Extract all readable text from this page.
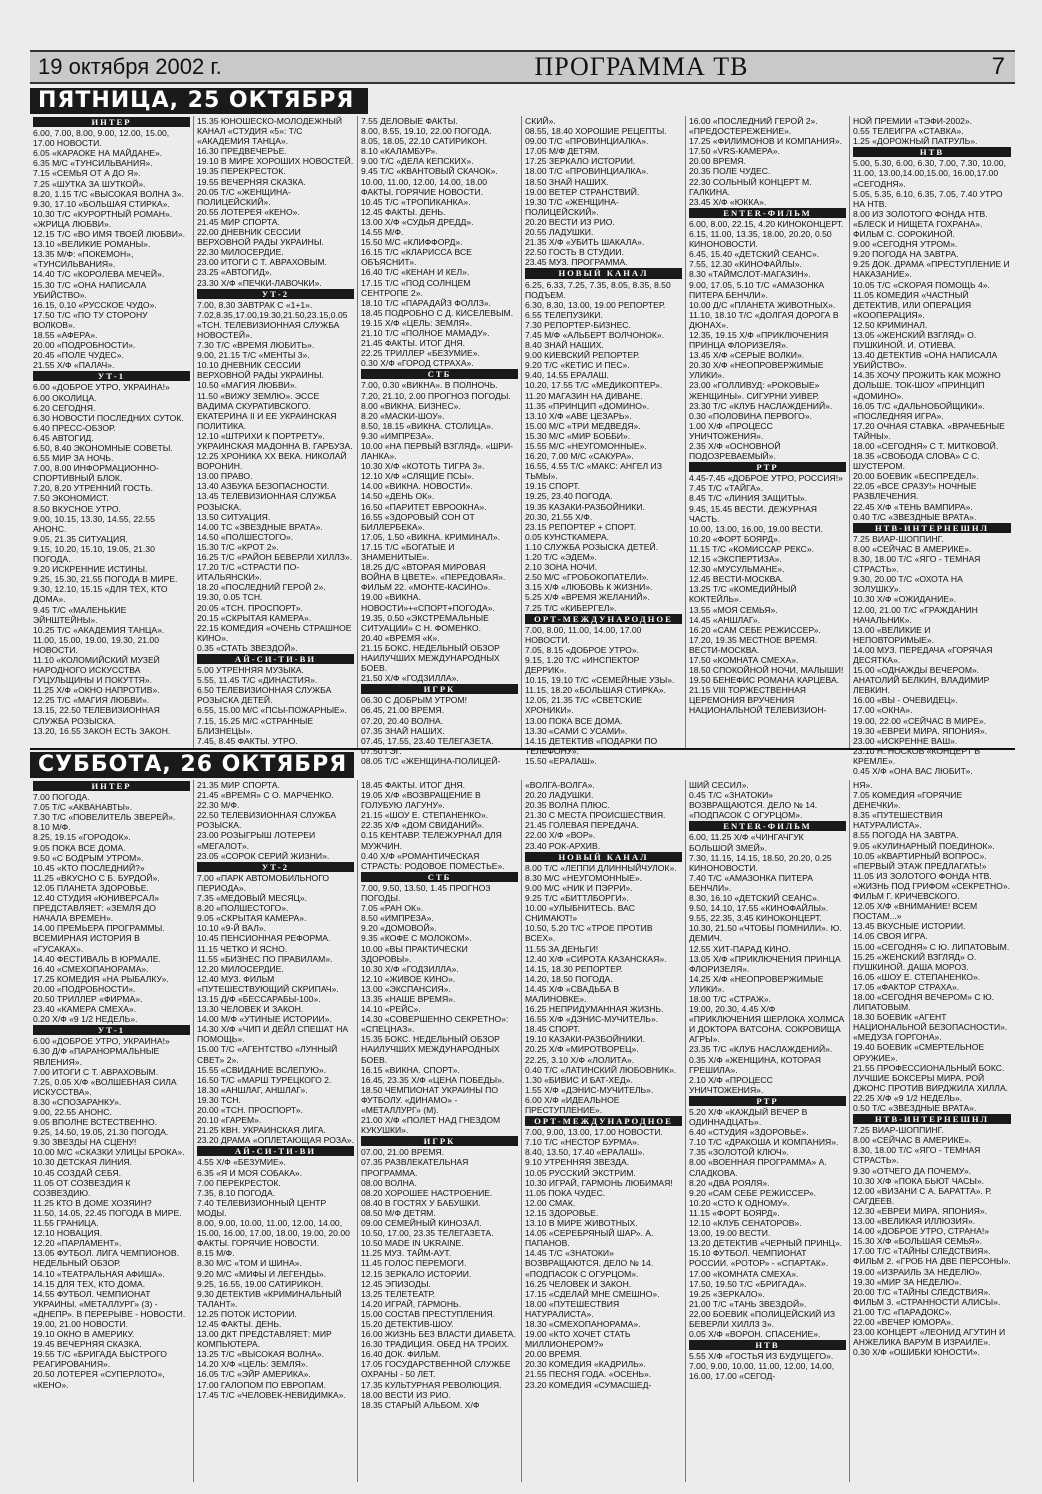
19 октября 2002 г.	ПРОГРАММА ТВ	7
ПЯТНИЦА, 25 ОКТЯБРЯ
ИНТЕР
6.00, 7.00, 8.00, 9.00, 12.00, 15.00, 17.00 НОВОСТИ.
6.05 «КАРАОКЕ НА МАЙДАНЕ».
6.35 М/С «ТУНСИЛЬВАНИЯ».
7.15 «СЕМЬЯ ОТ А ДО Я».
7.25 «ШУТКА ЗА ШУТКОЙ».
8.20, 1.15 Т/С «ВЫСОКАЯ ВОЛНА 3».
9.30, 17.10 «БОЛЬШАЯ СТИРКА».
10.30 Т/С «КУРОРТНЫЙ РОМАН». «ЖРИЦА ЛЮБВИ».
12.15 Т/С «ВО ИМЯ ТВОЕЙ ЛЮБВИ».
13.10 «ВЕЛИКИЕ РОМАНЫ».
13.35 М/Ф: «ПОКЕМОН», «ТУНСИЛЬВАНИЯ».
14.40 Т/С «КОРОЛЕВА МЕЧЕЙ».
15.30 Т/С «ОНА НАПИСАЛА УБИЙСТВО».
16.15, 0.10 «РУССКОЕ ЧУДО».
17.50 Т/С «ПО ТУ СТОРОНУ ВОЛКОВ».
18.55 «АФЕРА».
20.00 «ПОДРОБНОСТИ».
20.45 «ПОЛЕ ЧУДЕС».
21.55 Х/Ф «ПАЛАЧ».
УТ-1
6.00 «ДОБРОЕ УТРО, УКРАИНА!»
6.00 ОКОЛИЦА.
6.20 СЕГОДНЯ.
6.30 НОВОСТИ ПОСЛЕДНИХ СУТОК.
6.40 ПРЕСС-ОБЗОР.
6.45 АВТОГИД.
6.50, 8.40 ЭКОНОМНЫЕ СОВЕТЫ.
6.55 МИР ЗА НОЧЬ.
7.00, 8.00 ИНФОРМАЦИОННО-СПОРТИВНЫЙ БЛОК.
7.20, 8.20 УТРЕННИЙ ГОСТЬ.
7.50 ЭКОНОМИСТ.
8.50 ВКУСНОЕ УТРО.
9.00, 10.15, 13.30, 14.55, 22.55 АНОНС.
9.05, 21.35 СИТУАЦИЯ.
9.15, 10.20, 15.10, 19.05, 21.30 ПОГОДА.
9.20 ИСКРЕННИЕ ИСТИНЫ.
9.25, 15.30, 21.55 ПОГОДА В МИРЕ.
9.30, 12.10, 15.15 «ДЛЯ ТЕХ, КТО ДОМА».
9.45 Т/С «МАЛЕНЬКИЕ ЭЙНШТЕЙНЫ».
10.25 Т/С «АКАДЕМИЯ ТАНЦА».
11.00, 15.00, 19.00, 19.30, 21.00 НОВОСТИ.
11.10 «КОЛОМИЙСКИЙ МУЗЕЙ НАРОДНОГО ИСКУССТВА ГУЦУЛЬЩИНЫ И ПОКУТТЯ».
11.25 Х/Ф «ОКНО НАПРОТИВ».
12.25 Т/С «МАГИЯ ЛЮБВИ».
13.15, 22.50 ТЕЛЕВИЗИОННАЯ СЛУЖБА РОЗЫСКА.
13.20, 16.55 ЗАКОН ЕСТЬ ЗАКОН.
15.35 ЮНОШЕСКО-МОЛОДЕЖНЫЙ КАНАЛ «СТУДИЯ «5»: Т/С «АКАДЕМИЯ ТАНЦА».
16.30 ПРЕДВЕЧЕРЬЕ.
19.10 В МИРЕ ХОРОШИХ НОВОСТЕЙ.
19.35 ПЕРЕКРЕСТОК.
19.55 ВЕЧЕРНЯЯ СКАЗКА.
20.05 Т/С «ЖЕНЩИНА-ПОЛИЦЕЙСКИЙ».
20.55 ЛОТЕРЕЯ «КЕНО».
21.45 МИР СПОРТА.
22.00 ДНЕВНИК СЕССИИ ВЕРХОВНОЙ РАДЫ УКРАИНЫ.
22.30 МИЛОСЕРДИЕ.
23.00 ИТОГИ С Т. АВРАХОВЫМ.
23.25 «АВТОГИД».
23.30 Х/Ф «ПЕЧКИ-ЛАВОЧКИ».
УТ-2
7.00, 8.30 ЗАВТРАК С «1+1».
7.02,8.35,17.00,19.30,21.50,23.15,0.05 «ТСН. ТЕЛЕВИЗИОННАЯ СЛУЖБА НОВОСТЕЙ».
7.30 Т/С «ВРЕМЯ ЛЮБИТЬ».
9.00, 21.15 Т/С «МЕНТЫ 3».
10.10 ДНЕВНИК СЕССИИ ВЕРХОВНОЙ РАДЫ УКРАИНЫ.
10.50 «МАГИЯ ЛЮБВИ».
11.50 «ВИЖУ ЗЕМЛЮ». ЭССЕ ВАДИМА СКУРАТИВСКОГО. ЕКАТЕРИНА II И ЕЕ УКРАИНСКАЯ ПОЛИТИКА.
12.10 «ШТРИХИ К ПОРТРЕТУ». УКРАИНСКАЯ МАДОННА В. ГАРБУЗА.
12.25 ХРОНИКА XX ВЕКА. НИКОЛАЙ ВОРОНИН.
13.00 ПРАВО.
13.40 АЗБУКА БЕЗОПАСНОСТИ.
13.45 ТЕЛЕВИЗИОННАЯ СЛУЖБА РОЗЫСКА.
13.50 СИТУАЦИЯ.
14.00 ТС «ЗВЕЗДНЫЕ ВРАТА».
14.50 «ПОЛШЕСТОГО».
15.30 Т/С «КРОТ 2».
16.25 Т/С «РАЙОН БЕВЕРЛИ ХИЛЛЗ».
17.20 Т/С «СТРАСТИ ПО-ИТАЛЬЯНСКИ».
18.20 «ПОСЛЕДНИЙ ГЕРОЙ 2».
19.30, 0.05 ТСН.
20.05 «ТСН. ПРОСПОРТ».
20.15 «СКРЫТАЯ КАМЕРА».
22.15 КОМЕДИЯ «ОЧЕНЬ СТРАШНОЕ КИНО».
0.35 «СТАТЬ ЗВЕЗДОЙ».
АЙ-СИ-ТИ-ВИ
5.00 УТРЕННЯЯ МУЗЫКА.
5.55, 11.45 Т/С «ДИНАСТИЯ».
6.50 ТЕЛЕВИЗИОННАЯ СЛУЖБА РОЗЫСКА ДЕТЕЙ.
6.55, 15.00 М/С «ПСЫ-ПОЖАРНЫЕ».
7.15, 15.25 М/С «СТРАННЫЕ БЛИЗНЕЦЫ».
7.45, 8.45 ФАКТЫ. УТРО.
7.55 ДЕЛОВЫЕ ФАКТЫ.
8.00, 8.55, 19.10, 22.00 ПОГОДА.
8.05, 18.05, 22.10 САТИРИКОН.
8.10 «КАЛАМБУР».
9.00 Т/С «ДЕЛА КЕПСКИХ».
9.45 Т/С «КВАНТОВЫЙ СКАЧОК».
10.00, 11.00, 12.00, 14.00, 18.00 ФАКТЫ. ГОРЯЧИЕ НОВОСТИ.
10.45 Т/С «ТРОПИКАНКА».
12.45 ФАКТЫ. ДЕНЬ.
13.00 Х/Ф «СУДЬЯ ДРЕДД».
14.55 М/Ф.
15.50 М/С «КЛИФФОРД».
16.15 Т/С «КЛАРИССА ВСЕ ОБЪЯСНИТ».
16.40 Т/С «КЕНАН И КЕЛ».
17.15 Т/С «ПОД СОЛНЦЕМ СЕНТРОПЕ 2».
18.10 Т/С «ПАРАДАЙЗ ФОЛЛЗ».
18.45 ПОДРОБНО С Д. КИСЕЛЕВЫМ.
19.15 Х/Ф «ЦЕЛЬ: ЗЕМЛЯ».
21.10 Т/С «ПОЛНОЕ МАМАДУ».
21.45 ФАКТЫ. ИТОГ ДНЯ.
22.25 ТРИЛЛЕР «БЕЗУМИЕ».
0.30 Х/Ф «ГОРОД СТРАХА».
СТБ
7.00, 0.30 «ВИКНА». В ПОЛНОЧЬ.
7.20, 21.10, 2.00 ПРОГНОЗ ПОГОДЫ.
8.00 «ВИКНА. БИЗНЕС».
8.20 «МАСКИ-ШОУ».
8.50, 18.15 «ВИКНА. СТОЛИЦА».
9.30 «ИМПРЕЗА».
10.00 «НА ПЕРВЫЙ ВЗГЛЯД». «ШРИ-ЛАНКА».
10.30 Х/Ф «КОТОТЬ ТИГРА 3».
12.10 Х/Ф «СЛЯЩИЕ ПСЫ».
14.00 «ВИКНА. НОВОСТИ».
14.50 «ДЕНЬ ОК».
16.50 «ПАРИТЕТ ЕВРООКНА».
16.55 «ЗДОРОВЫЙ СОН ОТ БИЛЛЕРБЕКА».
17.05, 1.50 «ВИКНА. КРИМИНАЛ».
17.15 Т/С «БОГАТЫЕ И ЗНАМЕНИТЫЕ».
18.25 Д/С «ВТОРАЯ МИРОВАЯ ВОЙНА В ЦВЕТЕ». «ПЕРЕДОВАЯ». ФИЛЬМ 22. «МОНТЕ-КАСИНО».
19.00 «ВИКНА. НОВОСТИ»+«СПОРТ+ПОГОДА».
19.35, 0.50 «ЭКСТРЕМАЛЬНЫЕ СИТУАЦИИ» С Н. ФОМЕНКО.
20.40 «ВРЕМЯ «К».
21.15 БОКС. НЕДЕЛЬНЫЙ ОБЗОР НАИЛУЧШИХ МЕЖДУНАРОДНЫХ БОЕВ.
21.50 Х/Ф «ГОДЗИЛЛА».
ИГРК
06.30 С ДОБРЫМ УТРОМ!
06.45, 21.00 ВРЕМЯ.
07.20, 20.40 ВОЛНА.
07.35 ЗНАЙ НАШИХ.
07.45, 17.55, 23.40 ТЕЛЕГАЗЕТА.
07.50 ГЭГ.
08.05 Т/С «ЖЕНЩИНА-ПОЛИЦЕЙ-
СКИЙ».
08.55, 18.40 ХОРОШИЕ РЕЦЕПТЫ.
09.00 Т/С «ПРОВИНЦИАЛКА».
17.05 М/Ф ДЕТЯМ.
17.25 ЗЕРКАЛО ИСТОРИИ.
18.00 Т/С «ПРОВИНЦИАЛКА».
18.50 ЗНАЙ НАШИХ.
19.00 ВЕТЕР СТРАНСТВИЙ.
19.30 Т/С «ЖЕНЩИНА-ПОЛИЦЕЙСКИЙ».
20.20 ВЕСТИ ИЗ РИО.
20.55 ЛАДУШКИ.
21.35 Х/Ф «УБИТЬ ШАКАЛА».
22.50 ГОСТЬ В СТУДИИ.
23.45 МУЗ. ПРОГРАММА.
НОВЫЙ КАНАЛ
6.25, 6.33, 7.25, 7.35, 8.05, 8.35, 8.50 ПОДЪЕМ.
6.30, 8.30, 13.00, 19.00 РЕПОРТЕР.
6.55 ТЕЛЕПУЗИКИ.
7.30 РЕПОРТЕР-БИЗНЕС.
7.45 М/Ф «АЛЬБЕРТ ВОЛЧОНОК».
8.40 ЗНАЙ НАШИХ.
9.00 КИЕВСКИЙ РЕПОРТЕР.
9.20 Т/С «КЕТИС И ПЕС».
9.40, 14.55 ЕРАЛАШ.
10.20, 17.55 Т/С «МЕДИКОПТЕР».
11.20 МАГАЗИН НА ДИВАНЕ.
11.35 «ПРИНЦИП «ДОМИНО».
13.10 Х/Ф «АВЕ ЦЕЗАРЬ».
15.00 М/С «ТРИ МЕДВЕДЯ».
15.30 М/С «МИР БОББИ».
15.55 М/С «НЕУГОМОННЫЕ».
16.20, 7.00 М/С «САКУРА».
16.55, 4.55 Т/С «МАКС: АНГЕЛ ИЗ ТЬМЫ».
19.15 СПОРТ.
19.25, 23.40 ПОГОДА.
19.35 КАЗАКИ-РАЗБОЙНИКИ.
20.30, 21.55 Х/Ф.
23.15 РЕПОРТЕР + СПОРТ.
0.05 КУНСТКАМЕРА.
1.10 СЛУЖБА РОЗЫСКА ДЕТЕЙ.
1.20 Т/С «ЭДЕМ».
2.10 ЗОНА НОЧИ.
2.50 М/С «ГРОБОКОПАТЕЛИ».
3.15 Х/Ф «ЛЮБОВЬ К ЖИЗНИ».
5.25 Х/Ф «ВРЕМЯ ЖЕЛАНИЙ».
7.25 Т/С «КИБЕРГЕЛ».
ОРТ-МЕЖДУНАРОДНОЕ
7.00, 8.00, 11.00, 14.00, 17.00 НОВОСТИ.
7.05, 8.15 «ДОБРОЕ УТРО».
9.15, 1.20 Т/С «ИНСПЕКТОР ДЕРРИК».
10.15, 19.10 Т/С «СЕМЕЙНЫЕ УЗЫ».
11.15, 18.20 «БОЛЬШАЯ СТИРКА».
12.05, 21.35 Т/С «СВЕТСКИЕ ХРОНИКИ».
13.00 ПОКА ВСЕ ДОМА.
13.30 «САМИ С УСАМИ».
14.15 ДЕТЕКТИВ «ПОДАРКИ ПО ТЕЛЕФОНУ».
15.50 «ЕРАЛАШ».
16.00 «ПОСЛЕДНИЙ ГЕРОЙ 2».
«ПРЕДОСТЕРЕЖЕНИЕ».
17.25 «ФИЛИМОНОВ И КОМПАНИЯ».
17.50 «VRS-КАМЕРА».
20.00 ВРЕМЯ.
20.35 ПОЛЕ ЧУДЕС.
22.30 СОЛЬНЫЙ КОНЦЕРТ М. ГАЛКИНА.
23.45 Х/Ф «ЮККА».
ENTER-ФИЛЬМ
6.00, 8.00, 22.15, 4.20 КИНОКОНЦЕРТ.
6.15, 11.00, 13.35, 18.00, 20.20, 0.50 КИНОНОВОСТИ.
6.45, 15.40 «ДЕТСКИЙ СЕАНС».
7.55, 12.30 «КИНОФАЙЛЫ».
8.30 «ТАЙМСЛОТ-МАГАЗИН».
9.00, 17.05, 5.10 Т/С «АМАЗОНКА ПИТЕРА БЕНЧЛИ».
10.00 Д/С «ПЛАНЕТА ЖИВОТНЫХ».
11.10, 18.10 Т/С «ДОЛГАЯ ДОРОГА В ДЮНАХ».
12.35, 19.15 Х/Ф «ПРИКЛЮЧЕНИЯ ПРИНЦА ФЛОРИЗЕЛЯ».
13.45 Х/Ф «СЕРЫЕ ВОЛКИ».
20.30 Х/Ф «НЕОПРОВЕРЖИМЫЕ УЛИКИ».
23.00 «ГОЛЛИВУД: «РОКОВЫЕ» ЖЕНЩИНЫ». СИГУРНИ УИВЕР.
23.30 Т/С «КЛУБ НАСЛАЖДЕНИЙ».
0.30 «ПОЛОВИНА ПЕРВОГО».
1.00 Х/Ф «ПРОЦЕСС УНИЧТОЖЕНИЯ».
2.35 Х/Ф «ОСНОВНОЙ ПОДОЗРЕВАЕМЫЙ».
РТР
4.45-7.45 «ДОБРОЕ УТРО, РОССИЯ!»
7.45 Т/С «ТАЙГА».
8.45 Т/С «ЛИНИЯ ЗАЩИТЫ».
9.45, 15.45 ВЕСТИ. ДЕЖУРНАЯ ЧАСТЬ.
10.00, 13.00, 16.00, 19.00 ВЕСТИ.
10.20 «ФОРТ БОЯРД».
11.15 Т/С «КОМИССАР РЕКС».
12.15 «ЭКСПЕРТИЗА».
12.30 «МУСУЛЬМАНЕ».
12.45 ВЕСТИ-МОСКВА.
13.25 Т/С «КОМЕДИЙНЫЙ КОКТЕЙЛЬ».
13.55 «МОЯ СЕМЬЯ».
14.45 «АНШЛАГ».
16.20 «САМ СЕБЕ РЕЖИССЕР».
17.20, 19.35 МЕСТНОЕ ВРЕМЯ. ВЕСТИ-МОСКВА.
17.50 «КОМНАТА СМЕХА».
18.50 СПОКОЙНОЙ НОЧИ, МАЛЫШИ!
19.50 БЕНЕФИС РОМАНА КАРЦЕВА.
21.15 VIII ТОРЖЕСТВЕННАЯ ЦЕРЕМОНИЯ ВРУЧЕНИЯ НАЦИОНАЛЬНОЙ ТЕЛЕВИЗИОН-
НОЙ ПРЕМИИ «ТЭФИ-2002».
0.55 ТЕЛЕИГРА «СТАВКА».
1.25 «ДОРОЖНЫЙ ПАТРУЛЬ».
НТВ
5.00, 5.30, 6.00, 6.30, 7.00, 7.30, 10.00, 11.00, 13.00,14.00,15.00, 16.00,17.00 «СЕГОДНЯ».
5.05, 5.35, 6.10, 6.35, 7.05, 7.40 УТРО НА НТВ.
8.00 ИЗ ЗОЛОТОГО ФОНДА НТВ. «БЛЕСК И НИЩЕТА ГОХРАНА». ФИЛЬМ С. СОРОКИНОЙ.
9.00 «СЕГОДНЯ УТРОМ».
9.20 ПОГОДА НА ЗАВТРА.
9.25 ДОК. ДРАМА «ПРЕСТУПЛЕНИЕ И НАКАЗАНИЕ».
10.05 Т/С «СКОРАЯ ПОМОЩЬ 4».
11.05 КОМЕДИЯ «ЧАСТНЫЙ ДЕТЕКТИВ, ИЛИ ОПЕРАЦИЯ «КООПЕРАЦИЯ».
12.50 КРИМИНАЛ.
13.05 «ЖЕНСКИЙ ВЗГЛЯД» О. ПУШКИНОЙ. И. ОТИЕВА.
13.40 ДЕТЕКТИВ «ОНА НАПИСАЛА УБИЙСТВО».
14.35 ХОЧУ ПРОЖИТЬ КАК МОЖНО ДОЛЬШЕ. ТОК-ШОУ «ПРИНЦИП «ДОМИНО».
16.05 Т/С «ДАЛЬНОБОЙЩИКИ». «ПОСЛЕДНЯЯ ИГРА».
17.20 ОЧНАЯ СТАВКА. «ВРАЧЕБНЫЕ ТАЙНЫ».
18.00 «СЕГОДНЯ» С Т. МИТКОВОЙ.
18.35 «СВОБОДА СЛОВА» С С. ШУСТЕРОМ.
20.00 БОЕВИК «БЕСПРЕДЕЛ».
22.05 «ВСЕ СРАЗУ!» НОЧНЫЕ РАЗВЛЕЧЕНИЯ.
22.45 Х/Ф «ТЕНЬ ВАМПИРА».
0.40 Т/С «ЗВЕЗДНЫЕ ВРАТА».
НТВ-ИНТЕРНЕШНЛ
7.25 ВИАР-ШОППИНГ.
8.00 «СЕЙЧАС В АМЕРИКЕ».
8.30, 18.00 Т/С «ЯГО - ТЕМНАЯ СТРАСТЬ».
9.30, 20.00 Т/С «ОХОТА НА ЗОЛУШКУ».
10.30 Х/Ф «ОЖИДАНИЕ».
12.00, 21.00 Т/С «ГРАЖДАНИН НАЧАЛЬНИК».
13.00 «ВЕЛИКИЕ И НЕПОВТОРИМЫЕ».
14.00 МУЗ. ПЕРЕДАЧА «ГОРЯЧАЯ ДЕСЯТКА».
15.00 «ОДНАЖДЫ ВЕЧЕРОМ». АНАТОЛИЙ БЕЛКИН, ВЛАДИМИР ЛЕВКИН.
16.00 «ВЫ - ОЧЕВИДЕЦ».
17.00 «ОКНА».
19.00, 22.00 «СЕЙЧАС В МИРЕ».
19.30 «ЕВРЕИ МИРА. ЯПОНИЯ».
23.00 «ИСКРЕННЕ ВАШ».
23.10 Н. НОСКОВ «КОНЦЕРТ В КРЕМЛЕ».
0.45 Х/Ф «ОНА ВАС ЛЮБИТ».
СУББОТА, 26 ОКТЯБРЯ
ИНТЕР
7.00 ПОГОДА.
7.05 Т/С «АКВАНАВТЫ».
7.30 Т/С «ПОВЕЛИТЕЛЬ ЗВЕРЕЙ».
8.10 М/Ф.
8.25, 19.15 «ГОРОДОК».
9.05 ПОКА ВСЕ ДОМА.
9.50 «С БОДРЫМ УТРОМ».
10.45 «КТО ПОСЛЕДНИЙ?»
11.25 «ВКУСНО С Б. БУРДОЙ».
12.05 ПЛАНЕТА ЗДОРОВЬЕ.
12.40 СТУДИЯ «ЮНИВЕРСАЛ» ПРЕДСТАВЛЯЕТ: «ЗЕМЛЯ ДО НАЧАЛА ВРЕМЕН».
14.00 ПРЕМЬЕРА ПРОГРАММЫ. ВСЕМИРНАЯ ИСТОРИЯ В «ГУСАКАХ».
14.40 ФЕСТИВАЛЬ В ЮРМАЛЕ.
16.40 «СМЕХОПАНОРАМА».
17.25 КОМЕДИЯ «НА РЫБАЛКУ».
20.00 «ПОДРОБНОСТИ».
20.50 ТРИЛЛЕР «ФИРМА».
23.40 «КАМЕРА СМЕХА».
0.20 Х/Ф «9 1/2 НЕДЕЛЬ».
УТ-1
6.00 «ДОБРОЕ УТРО, УКРАИНА!»
6.30 Д/Ф «ПАРАНОРМАЛЬНЫЕ ЯВЛЕНИЯ».
7.00 ИТОГИ С Т. АВРАХОВЫМ.
7.25, 0.05 Х/Ф «ВОЛШЕБНАЯ СИЛА ИСКУССТВА».
8.30 «СПОЗАРАНКУ».
9.00, 22.55 АНОНС.
9.05 ВПОЛНЕ ВСТЕСТВЕННО.
9.25, 14.50, 19.05, 21.30 ПОГОДА.
9.30 ЗВЕЗДЫ НА СЦЕНУ!
10.00 М/С «СКАЗКИ УЛИЦЫ БРОКА».
10.30 ДЕТСКАЯ ЛИНИЯ.
10.45 СОЗДАЙ СЕБЯ.
11.05 ОТ СОЗВЕЗДИЯ К СОЗВЕЗДИЮ.
11.25 КТО В ДОМЕ ХОЗЯИН?
11.50, 14.05, 22.45 ПОГОДА В МИРЕ.
11.55 ГРАНИЦА.
12.10 НОВАЦИЯ.
12.20 «ПАРЛАМЕНТ».
13.05 ФУТБОЛ. ЛИГА ЧЕМПИОНОВ. НЕДЕЛЬНЫЙ ОБЗОР.
14.10 «ТЕАТРАЛЬНАЯ АФИША».
14.15 ДЛЯ ТЕХ, КТО ДОМА.
14.55 ФУТБОЛ. ЧЕМПИОНАТ УКРАИНЫ. «МЕТАЛЛУРГ» (З) - «ДНЕПР». В ПЕРЕРЫВЕ - НОВОСТИ.
19.00, 21.00 НОВОСТИ.
19.10 ОКНО В АМЕРИКУ.
19.45 ВЕЧЕРНЯЯ СКАЗКА.
19.55 Т/С «БРИГАДА БЫСТРОГО РЕАГИРОВАНИЯ».
20.50 ЛОТЕРЕЯ «СУПЕРЛОТО», «КЕНО».
21.35 МИР СПОРТА.
21.45 «ВРЕМЯ» С О. МАРЧЕНКО.
22.30 М/Ф.
22.50 ТЕЛЕВИЗИОННАЯ СЛУЖБА РОЗЫСКА.
23.00 РОЗЫГРЫШ ЛОТЕРЕИ «МЕГАЛОТ».
23.05 «СОРОК СЕРИЙ ЖИЗНИ».
УТ-2
7.00 «ПАРК АВТОМОБИЛЬНОГО ПЕРИОДА».
7.35 «МЕДОВЫЙ МЕСЯЦ».
8.20 «ПОЛШЕСТОГО».
9.05 «СКРЫТАЯ КАМЕРА».
10.10 «9-Й ВАЛ».
10.45 ПЕНСИОННАЯ РЕФОРМА.
11.15 ЧЕТКО И ЯСНО.
11.55 «БИЗНЕС ПО ПРАВИЛАМ».
12.20 МИЛОСЕРДИЕ.
12.40 МУЗ. ФИЛЬМ «ПУТЕШЕСТВУЮЩИЙ СКРИПАЧ».
13.15 Д/Ф «БЕССАРАБЫ-100».
13.30 ЧЕЛОВЕК И ЗАКОН.
14.00 М/Ф «УТИНЫЕ ИСТОРИИ».
14.30 Х/Ф «ЧИП И ДЕЙЛ СПЕШАТ НА ПОМОЩЬ».
15.00 Т/С «АГЕНТСТВО «ЛУННЫЙ СВЕТ» 2».
15.55 «СВИДАНИЕ ВСЛЕПУЮ».
16.50 Т/С «МАРШ ТУРЕЦКОГО 2.
18.30 «АНШЛАГ, АНШЛАГ».
19.30 ТСН.
20.00 «ТСН. ПРОСПОРТ».
20.10 «ГАРЕМ».
21.25 КВН. УКРАИНСКАЯ ЛИГА.
23.20 ДРАМА «ОПЛЕТАЮЩАЯ РОЗА».
АЙ-СИ-ТИ-ВИ
4.55 Х/Ф «БЕЗУМИЕ».
6.35 «Я И МОЯ СОБАКА».
7.00 ПЕРЕКРЕСТОК.
7.35, 8.10 ПОГОДА.
7.40 ТЕЛЕВИЗИОННЫЙ ЦЕНТР МОДЫ.
8.00, 9.00, 10.00, 11.00, 12.00, 14.00, 15.00, 16.00, 17.00, 18.00, 19.00, 20.00 ФАКТЫ. ГОРЯЧИЕ НОВОСТИ.
8.15 М/Ф.
8.30 М/С «ТОМ И ШИНА».
9.20 М/С «МИФЫ И ЛЕГЕНДЫ».
9.25, 16.55, 19.00 САТИРИКОН.
9.30 ДЕТЕКТИВ «КРИМИНАЛЬНЫЙ ТАЛАНТ».
12.25 ПОТОК ИСТОРИИ.
12.45 ФАКТЫ. ДЕНЬ.
13.00 ДКТ ПРЕДСТАВЛЯЕТ: МИР КОМПЬЮТЕРА.
13.25 Т/С «ВЫСОКАЯ ВОЛНА».
14.20 Х/Ф «ЦЕЛЬ: ЗЕМЛЯ».
16.05 Т/С «ЭЙР АМЕРИКА».
17.00 ГАЛОПОМ ПО ЕВРОПАМ.
17.45 Т/С «ЧЕЛОВЕК-НЕВИДИМКА».
18.45 ФАКТЫ. ИТОГ ДНЯ.
19.05 Х/Ф «ВОЗВРАЩЕНИЕ В ГОЛУБУЮ ЛАГУНУ».
21.15 «ШОУ Е. СТЕПАНЕНКО».
22.35 Х/Ф «ДОМ СВИДАНИЙ».
0.15 КЕНТАВР. ТЕЛЕЖУРНАЛ ДЛЯ МУЖЧИН.
0.40 Х/Ф «РОМАНТИЧЕСКАЯ СТРАСТЬ: РОДОВОЕ ПОМЕСТЬЕ».
СТБ
7.00, 9.50, 13.50, 1.45 ПРОГНОЗ ПОГОДЫ.
7.05 «РАН ОК».
8.50 «ИМПРЕЗА».
9.20 «ДОМОВОЙ».
9.35 «КОФЕ С МОЛОКОМ».
10.00 «ВЫ ПРАКТИЧЕСКИ ЗДОРОВЫ».
10.30 Х/Ф «ГОДЗИЛЛА».
12.10 «ЖИВОЕ КИНО».
13.00 «ЭКСПАНСИЯ».
13.35 «НАШЕ ВРЕМЯ».
14.10 «РЕЙС».
14.30 «СОВЕРШЕННО СЕКРЕТНО»: «СПЕЦНАЗ».
15.35 БОКС. НЕДЕЛЬНЫЙ ОБЗОР НАИЛУЧШИХ МЕЖДУНАРОДНЫХ БОЕВ.
16.15 «ВИКНА. СПОРТ».
16.45, 23.35 Х/Ф «ЦЕНА ПОБЕДЫ».
18.50 ЧЕМПИОНАТ УКРАИНЫ ПО ФУТБОЛУ. «ДИНАМО» - «МЕТАЛЛУРГ» (М).
21.00 Х/Ф «ПОЛЕТ НАД ГНЕЗДОМ КУКУШКИ».
ИГРК
07.00, 21.00 ВРЕМЯ.
07.35 РАЗВЛЕКАТЕЛЬНАЯ ПРОГРАММА.
08.00 ВОЛНА.
08.20 ХОРОШЕЕ НАСТРОЕНИЕ.
08.40 В ГОСТЯХ У БАБУШКИ.
08.50 М/Ф ДЕТЯМ.
09.00 СЕМЕЙНЫЙ КИНОЗАЛ.
10.50, 17.00, 23.35 ТЕЛЕГАЗЕТА.
10.50 MADE IN UKRAINE.
11.25 МУЗ. ТАЙМ-АУТ.
11.45 ГОЛОС ПЕРЕМОГИ.
12.15 ЗЕРКАЛО ИСТОРИИ.
12.45 ЭПИЗОДЫ.
13.25 ТЕЛЕТЕАТР.
14.20 ИГРАЙ, ГАРМОНЬ.
15.00 СОСТАВ ПРЕСТУПЛЕНИЯ.
15.20 ДЕТЕКТИВ-ШОУ.
16.00 ЖИЗНЬ БЕЗ ВЛАСТИ ДИАБЕТА.
16.30 ТРАДИЦИЯ. ОБЕД НА ТРОИХ.
16.40 ДОК. ФИЛЬМ.
17.05 ГОСУДАРСТВЕННОЙ СЛУЖБЕ ОХРАНЫ - 50 ЛЕТ.
17.35 КУЛЬТУРНАЯ РЕВОЛЮЦИЯ.
18.00 ВЕСТИ ИЗ РИО.
18.35 СТАРЫЙ АЛЬБОМ. Х/Ф
«ВОЛГА-ВОЛГА».
20.20 ЛАДУШКИ.
20.35 ВОЛНА ПЛЮС.
21.30 С МЕСТА ПРОИСШЕСТВИЯ.
21.45 ГОЛЕВАЯ ПЕРЕДАЧА.
22.00 Х/Ф «ВОР».
23.40 РОК-АРХИВ.
НОВЫЙ КАНАЛ
8.00 Т/С «ЛЕППИ ДЛИННЫЙЧУЛОК».
8.30 М/С «НЕУГОМОННЫЕ».
9.00 М/С «НИК И ПЭРРИ».
9.25 Т/С «БИТТЛБОРГИ».
10.00 «УЛЫБНИТЕСЬ. ВАС СНИМАЮТ!»
10.50, 5.20 Т/С «ТРОЕ ПРОТИВ ВСЕХ».
11.55 ЗА ДЕНЬГИ!
12.40 Х/Ф «СИРОТА КАЗАНСКАЯ».
14.15, 18.30 РЕПОРТЕР.
14.20, 18.50 ПОГОДА.
14.45 Х/Ф «СВАДЬБА В МАЛИНОВКЕ».
16.25 НЕПРИДУМАННАЯ ЖИЗНЬ.
16.55 Х/Ф «ДЭНИС-МУЧИТЕЛЬ».
18.45 СПОРТ.
19.10 КАЗАКИ-РАЗБОЙНИКИ.
20.25 Х/Ф «МИРОТВОРЕЦ».
22.25, 3.10 Х/Ф «ЛОЛИТА».
0.40 Т/С «ЛАТИНСКИЙ ЛЮБОВНИК».
1.30 «БИВИС И БАТ-ХЕД».
1.55 Х/Ф «ДЭНИС-МУЧИТЕЛЬ».
6.00 Х/Ф «ИДЕАЛЬНОЕ ПРЕСТУПЛЕНИЕ».
ОРТ-МЕЖДУНАРОДНОЕ
7.00, 9.00, 13.00, 17.00 НОВОСТИ.
7.10 Т/С «НЕСТОР БУРМА».
8.40, 13.50, 17.40 «ЕРАЛАШ».
9.10 УТРЕННЯЯ ЗВЕЗДА.
10.05 РУССКИЙ ЭКСТРИМ.
10.30 ИГРАЙ, ГАРМОНЬ ЛЮБИМАЯ!
11.05 ПОКА ЧУДЕС.
12.00 СМАК.
12.15 ЗДОРОВЬЕ.
13.10 В МИРЕ ЖИВОТНЫХ.
14.05 «СЕРЕБРЯНЫЙ ШАР». А. ПАПАНОВ.
14.45 Т/С «ЗНАТОКИ» ВОЗВРАЩАЮТСЯ. ДЕЛО № 14. «ПОДПАСОК С ОГУРЦОМ».
16.25 ЧЕЛОВЕК И ЗАКОН.
17.15 «СДЕЛАЙ МНЕ СМЕШНО».
18.00 «ПУТЕШЕСТВИЯ НАТУРАЛИСТА».
18.30 «СМЕХОПАНОРАМА».
19.00 «КТО ХОЧЕТ СТАТЬ МИЛЛИОНЕРОМ?»
20.00 ВРЕМЯ.
20.30 КОМЕДИЯ «КАДРИЛЬ».
21.55 ПЕСНЯ ГОДА. «ОСЕНЬ».
23.20 КОМЕДИЯ «СУМАСШЕД-
ШИЙ СЕСИЛ».
0.45 Т/С «ЗНАТОКИ» ВОЗВРАЩАЮТСЯ. ДЕЛО № 14. «ПОДПАСОК С ОГУРЦОМ».
ENTER-ФИЛЬМ
6.00, 11.25 Х/Ф «ЧИНГАЧГУК БОЛЬШОЙ ЗМЕЙ».
7.30, 11.15, 14.15, 18.50, 20.20, 0.25 КИНОНОВОСТИ.
7.40 Т/С «АМАЗОНКА ПИТЕРА БЕНЧЛИ».
8.30, 16.10 «ДЕТСКИЙ СЕАНС».
9.50, 14.10, 17.55 «КИНОФАЙЛЫ».
9.55, 22.35, 3.45 КИНОКОНЦЕРТ.
10.30, 21.50 «ЧТОБЫ ПОМНИЛИ». Ю. ДЕМИЧ.
12.55 ХИТ-ПАРАД КИНО.
13.05 Х/Ф «ПРИКЛЮЧЕНИЯ ПРИНЦА ФЛОРИЗЕЛЯ».
14.25 Х/Ф «НЕОПРОВЕРЖИМЫЕ УЛИКИ».
18.00 Т/С «СТРАЖ».
19.00, 20.30, 4.45 Х/Ф «ПРИКЛЮЧЕНИЯ ШЕРЛОКА ХОЛМСА И ДОКТОРА ВАТСОНА. СОКРОВИЩА АГРЫ».
23.35 Т/С «КЛУБ НАСЛАЖДЕНИЙ».
0.35 Х/Ф «ЖЕНЩИНА, КОТОРАЯ ГРЕШИЛА».
2.10 Х/Ф «ПРОЦЕСС УНИЧТОЖЕНИЯ».
РТР
5.20 Х/Ф «КАЖДЫЙ ВЕЧЕР В ОДИННАДЦАТЬ».
6.40 «СТУДИЯ «ЗДОРОВЬЕ».
7.10 Т/С «ДРАКОША И КОМПАНИЯ».
7.35 «ЗОЛОТОЙ КЛЮЧ».
8.00 «ВОЕННАЯ ПРОГРАММА» А. СЛАДКОВА.
8.20 «ДВА РОЯЛЯ».
9.20 «САМ СЕБЕ РЕЖИССЕР».
10.20 «СТО К ОДНОМУ».
11.15 «ФОРТ БОЯРД».
12.10 «КЛУБ СЕНАТОРОВ».
13.00, 19.00 ВЕСТИ.
13.20 ДЕТЕКТИВ «ЧЕРНЫЙ ПРИНЦ».
15.10 ФУТБОЛ. ЧЕМПИОНАТ РОССИИ. «РОТОР» - «СПАРТАК».
17.00 «КОМНАТА СМЕХА».
17.50, 19.50 Т/С «БРИГАДА».
19.25 «ЗЕРКАЛО».
21.00 Т/С «ТАНЬ ЗВЕЗДОЙ».
22.00 БОЕВИК «ПОЛИЦЕЙСКИЙ ИЗ БЕВЕРЛИ ХИЛЛЗ 3».
0.05 Х/Ф «ВОРОН. СПАСЕНИЕ».
НТВ
5.55 Х/Ф «ГОСТЬЯ ИЗ БУДУЩЕГО».
7.00, 9.00, 10.00, 11.00, 12.00, 14.00, 16.00, 17.00 «СЕГОД-
НЯ».
7.05 КОМЕДИЯ «ГОРЯЧИЕ ДЕНЕЧКИ».
8.35 «ПУТЕШЕСТВИЯ НАТУРАЛИСТА».
8.55 ПОГОДА НА ЗАВТРА.
9.05 «КУЛИНАРНЫЙ ПОЕДИНОК».
10.05 «КВАРТИРНЫЙ ВОПРОС». «ПЕРВЫЙ ЭТАЖ ПРЕДЛАГАТЬ!»
11.05 ИЗ ЗОЛОТОГО ФОНДА НТВ. «ЖИЗНЬ ПОД ГРИФОМ «СЕКРЕТНО». ФИЛЬМ Г. КРИЧЕВСКОГО.
12.05 Х/Ф «ВНИМАНИЕ! ВСЕМ ПОСТАМ...»
13.45 ВКУСНЫЕ ИСТОРИИ.
14.05 СВОЯ ИГРА.
15.00 «СЕГОДНЯ» С Ю. ЛИПАТОВЫМ.
15.25 «ЖЕНСКИЙ ВЗГЛЯД» О. ПУШКИНОЙ. ДАША МОРОЗ.
16.05 «ШОУ Е. СТЕПАНЕНКО».
17.05 «ФАКТОР СТРАХА».
18.00 «СЕГОДНЯ ВЕЧЕРОМ» С Ю. ЛИПАТОВЫМ.
18.30 БОЕВИК «АГЕНТ НАЦИОНАЛЬНОЙ БЕЗОПАСНОСТИ». «МЕДУЗА ГОРГОНА».
19.40 БОЕВИК «СМЕРТЕЛЬНОЕ ОРУЖИЕ».
21.55 ПРОФЕССИОНАЛЬНЫЙ БОКС. ЛУЧШИЕ БОКСЕРЫ МИРА. РОЙ ДЖОНС ПРОТИВ ВИРДЖИЛА ХИЛЛА.
22.25 Х/Ф «9 1/2 НЕДЕЛЬ».
0.50 Т/С «ЗВЕЗДНЫЕ ВРАТА».
НТВ-ИНТЕРНЕШНЛ
7.25 ВИАР-ШОППИНГ.
8.00 «СЕЙЧАС В АМЕРИКЕ».
8.30, 18.00 Т/С «ЯГО - ТЕМНАЯ СТРАСТЬ».
9.30 «ОТЧЕГО ДА ПОЧЕМУ».
10.30 Х/Ф «ПОКА БЬЮТ ЧАСЫ».
12.00 «ВИЗАНИ С А. БАРАТТА». Р. САГДЕЕВ.
12.30 «ЕВРЕИ МИРА. ЯПОНИЯ».
13.00 «ВЕЛИКАЯ ИЛЛЮЗИЯ».
14.00 «ДОБРОЕ УТРО, СТРАНА!»
15.30 Х/Ф «БОЛЬШАЯ СЕМЬЯ».
17.00 Т/С «ТАЙНЫ СЛЕДСТВИЯ». ФИЛЬМ 2. «ГРОБ НА ДВЕ ПЕРСОНЫ».
19.00 «ИЗРАИЛЬ ЗА НЕДЕЛЮ».
19.30 «МИР ЗА НЕДЕЛЮ».
20.00 Т/С «ТАЙНЫ СЛЕДСТВИЯ». ФИЛЬМ 3. «СТРАННОСТИ АЛИСЫ».
21.00 Т/С «ПАРАДОКС».
22.00 «ВЕЧЕР ЮМОРА».
23.00 КОНЦЕРТ «ЛЕОНИД АГУТИН И АНЖЕЛИКА ВАРУМ В ИЗРАИЛЕ».
0.30 Х/Ф «ОШИБКИ ЮНОСТИ».
